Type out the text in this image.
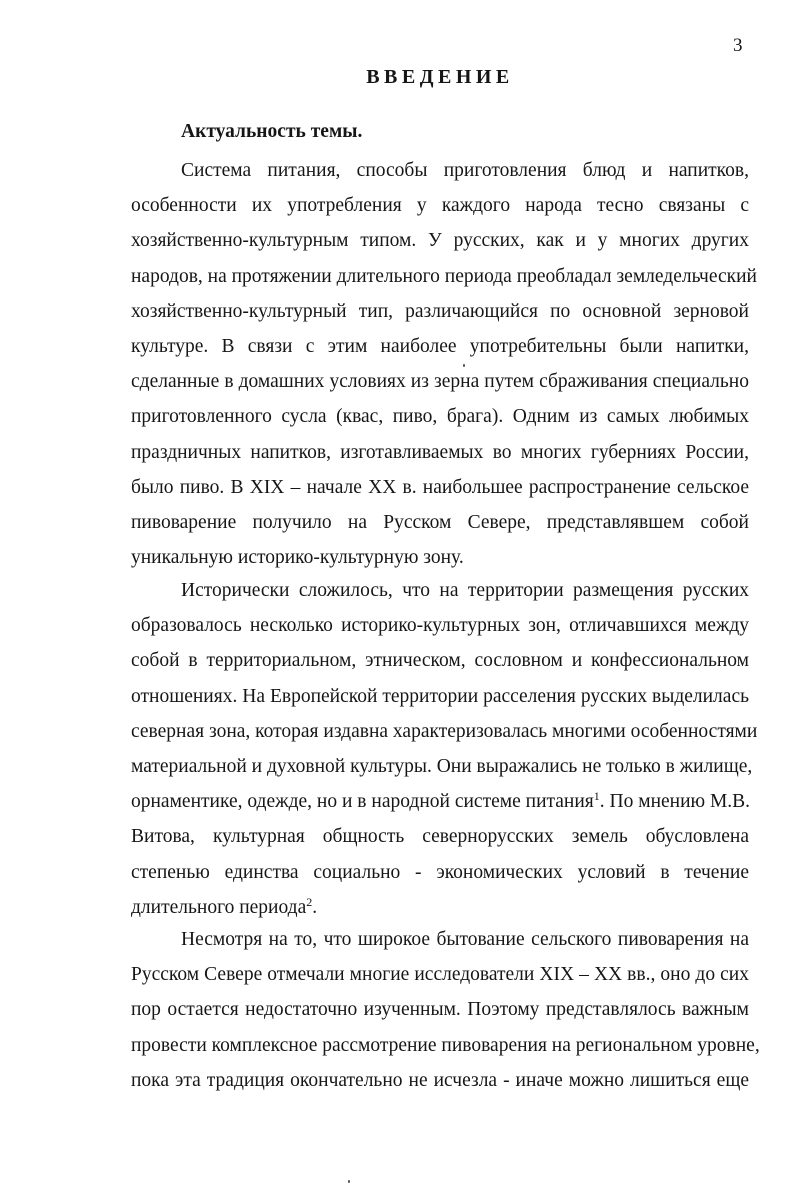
3
ВВЕДЕНИЕ
Актуальность темы.
Система питания, способы приготовления блюд и напитков,
особенности их употребления у каждого народа тесно связаны с
хозяйственно-культурным типом. У русских, как и у многих других
народов, на протяжении длительного периода преобладал земледельческий
хозяйственно-культурный тип, различающийся по основной зерновой
культуре. В связи с этим наиболее употребительны были напитки,
сделанные в домашних условиях из зерна путем сбраживания специально
приготовленного сусла (квас, пиво, брага). Одним из самых любимых
праздничных напитков, изготавливаемых во многих губерниях России,
было пиво. В XIX – начале XX в. наибольшее распространение сельское
пивоварение получило на Русском Севере, представлявшем собой
уникальную историко-культурную зону.
Исторически сложилось, что на территории размещения русских
образовалось несколько историко-культурных зон, отличавшихся между
собой в территориальном, этническом, сословном и конфессиональном
отношениях. На Европейской территории расселения русских выделилась
северная зона, которая издавна характеризовалась многими особенностями
материальной и духовной культуры. Они выражались не только в жилище,
орнаментике, одежде, но и в народной системе питания$^1$. По мнению М.В.
Витова, культурная общность севернорусских земель обусловлена
степенью единства социально - экономических условий в течение
длительного периода$^2$.
Несмотря на то, что широкое бытование сельского пивоварения на
Русском Севере отмечали многие исследователи XIX – XX вв., оно до сих
пор остается недостаточно изученным. Поэтому представлялось важным
провести комплексное рассмотрение пивоварения на региональном уровне,
пока эта традиция окончательно не исчезла - иначе можно лишиться еще
